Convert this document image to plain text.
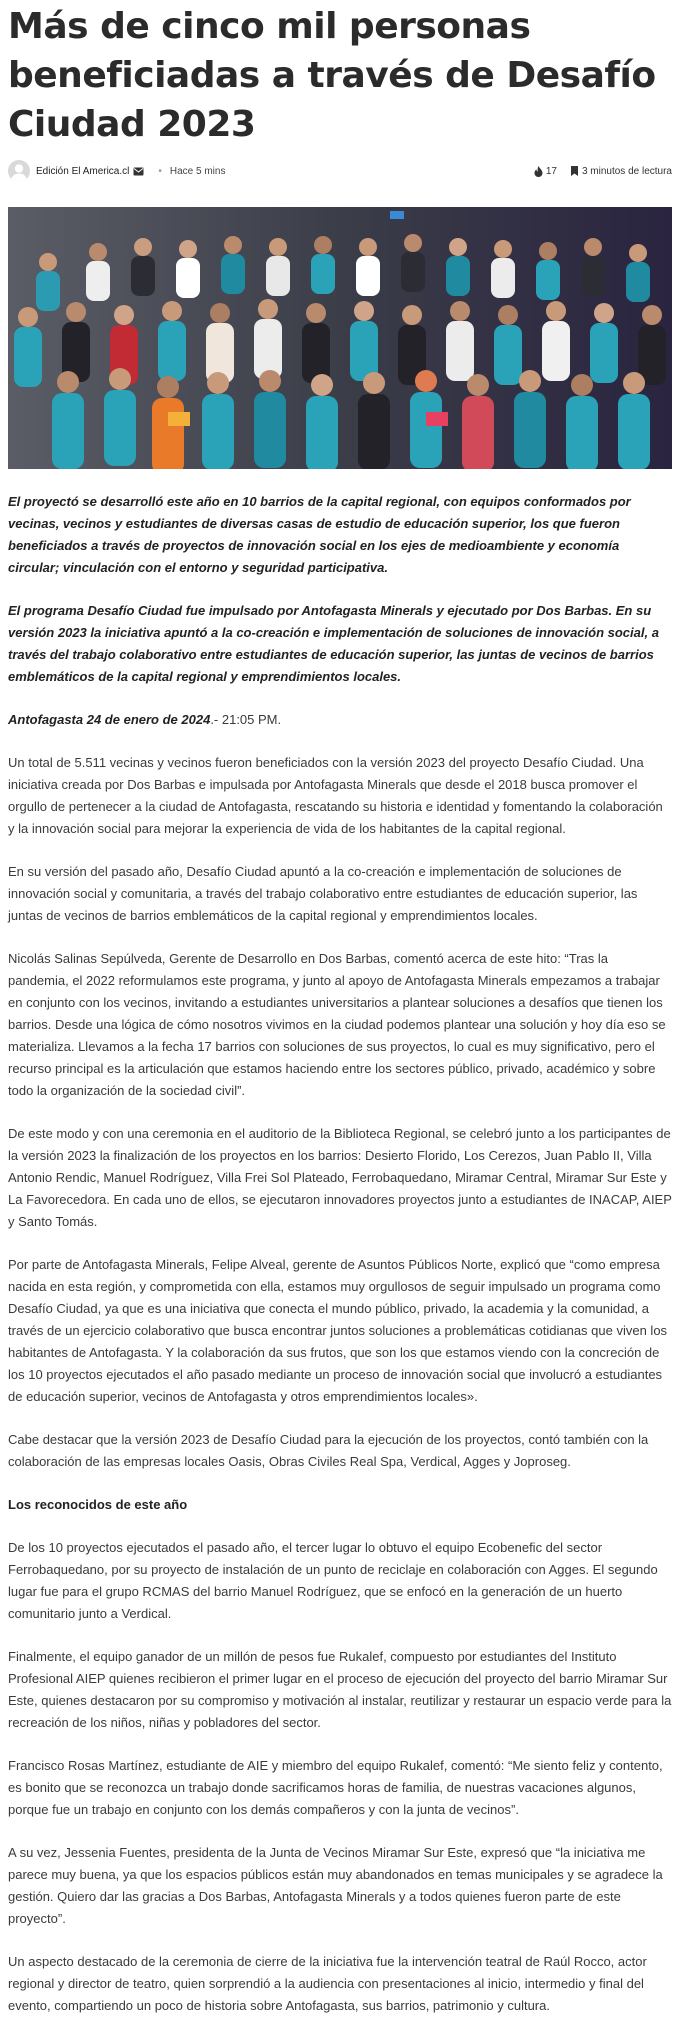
Más de cinco mil personas beneficiadas a través de Desafío Ciudad 2023
Edición El America.cl	• Hace 5 mins	17	3 minutos de lectura

El proyectó se desarrolló este año en 10 barrios de la capital regional, con equipos conformados por vecinas, vecinos y estudiantes de diversas casas de estudio de educación superior, los que fueron beneficiados a través de proyectos de innovación social en los ejes de medioambiente y economía circular; vinculación con el entorno y seguridad participativa.

El programa Desafío Ciudad fue impulsado por Antofagasta Minerals y ejecutado por Dos Barbas. En su versión 2023 la iniciativa apuntó a la co-creación e implementación de soluciones de innovación social, a través del trabajo colaborativo entre estudiantes de educación superior, las juntas de vecinos de barrios emblemáticos de la capital regional y emprendimientos locales.

Antofagasta 24 de enero de 2024.- 21:05 PM.

Un total de 5.511 vecinas y vecinos fueron beneficiados con la versión 2023 del proyecto Desafío Ciudad. Una iniciativa creada por Dos Barbas e impulsada por Antofagasta Minerals que desde el 2018 busca promover el orgullo de pertenecer a la ciudad de Antofagasta, rescatando su historia e identidad y fomentando la colaboración y la innovación social para mejorar la experiencia de vida de los habitantes de la capital regional.

En su versión del pasado año, Desafío Ciudad apuntó a la co-creación e implementación de soluciones de innovación social y comunitaria, a través del trabajo colaborativo entre estudiantes de educación superior, las juntas de vecinos de barrios emblemáticos de la capital regional y emprendimientos locales.

Nicolás Salinas Sepúlveda, Gerente de Desarrollo en Dos Barbas, comentó acerca de este hito: “Tras la pandemia, el 2022 reformulamos este programa, y junto al apoyo de Antofagasta Minerals empezamos a trabajar en conjunto con los vecinos, invitando a estudiantes universitarios a plantear soluciones a desafíos que tienen los barrios. Desde una lógica de cómo nosotros vivimos en la ciudad podemos plantear una solución y hoy día eso se materializa. Llevamos a la fecha 17 barrios con soluciones de sus proyectos, lo cual es muy significativo, pero el recurso principal es la articulación que estamos haciendo entre los sectores público, privado, académico y sobre todo la organización de la sociedad civil”.

De este modo y con una ceremonia en el auditorio de la Biblioteca Regional, se celebró junto a los participantes de la versión 2023 la finalización de los proyectos en los barrios: Desierto Florido, Los Cerezos, Juan Pablo II, Villa Antonio Rendic, Manuel Rodríguez, Villa Frei Sol Plateado, Ferrobaquedano, Miramar Central, Miramar Sur Este y La Favorecedora. En cada uno de ellos, se ejecutaron innovadores proyectos junto a estudiantes de INACAP, AIEP y Santo Tomás.

Por parte de Antofagasta Minerals, Felipe Alveal, gerente de Asuntos Públicos Norte, explicó que “como empresa nacida en esta región, y comprometida con ella, estamos muy orgullosos de seguir impulsado un programa como Desafío Ciudad, ya que es una iniciativa que conecta el mundo público, privado, la academia y la comunidad, a través de un ejercicio colaborativo que busca encontrar juntos soluciones a problemáticas cotidianas que viven los habitantes de Antofagasta. Y la colaboración da sus frutos, que son los que estamos viendo con la concreción de los 10 proyectos ejecutados el año pasado mediante un proceso de innovación social que involucró a estudiantes de educación superior, vecinos de Antofagasta y otros emprendimientos locales».

Cabe destacar que la versión 2023 de Desafío Ciudad para la ejecución de los proyectos, contó también con la colaboración de las empresas locales Oasis, Obras Civiles Real Spa, Verdical, Agges y Joproseg.

Los reconocidos de este año

De los 10 proyectos ejecutados el pasado año, el tercer lugar lo obtuvo el equipo Ecobenefic del sector Ferrobaquedano, por su proyecto de instalación de un punto de reciclaje en colaboración con Agges. El segundo lugar fue para el grupo RCMAS del barrio Manuel Rodríguez, que se enfocó en la generación de un huerto comunitario junto a Verdical.

Finalmente, el equipo ganador de un millón de pesos fue Rukalef, compuesto por estudiantes del Instituto Profesional AIEP quienes recibieron el primer lugar en el proceso de ejecución del proyecto del barrio Miramar Sur Este, quienes destacaron por su compromiso y motivación al instalar, reutilizar y restaurar un espacio verde para la recreación de los niños, niñas y pobladores del sector.

Francisco Rosas Martínez, estudiante de AIE y miembro del equipo Rukalef, comentó: “Me siento feliz y contento, es bonito que se reconozca un trabajo donde sacrificamos horas de familia, de nuestras vacaciones algunos, porque fue un trabajo en conjunto con los demás compañeros y con la junta de vecinos”.

A su vez, Jessenia Fuentes, presidenta de la Junta de Vecinos Miramar Sur Este, expresó que “la iniciativa me parece muy buena, ya que los espacios públicos están muy abandonados en temas municipales y se agradece la gestión. Quiero dar las gracias a Dos Barbas, Antofagasta Minerals y a todos quienes fueron parte de este proyecto”.

Un aspecto destacado de la ceremonia de cierre de la iniciativa fue la intervención teatral de Raúl Rocco, actor regional y director de teatro, quien sorprendió a la audiencia con presentaciones al inicio, intermedio y final del evento, compartiendo un poco de historia sobre Antofagasta, sus barrios, patrimonio y cultura.
